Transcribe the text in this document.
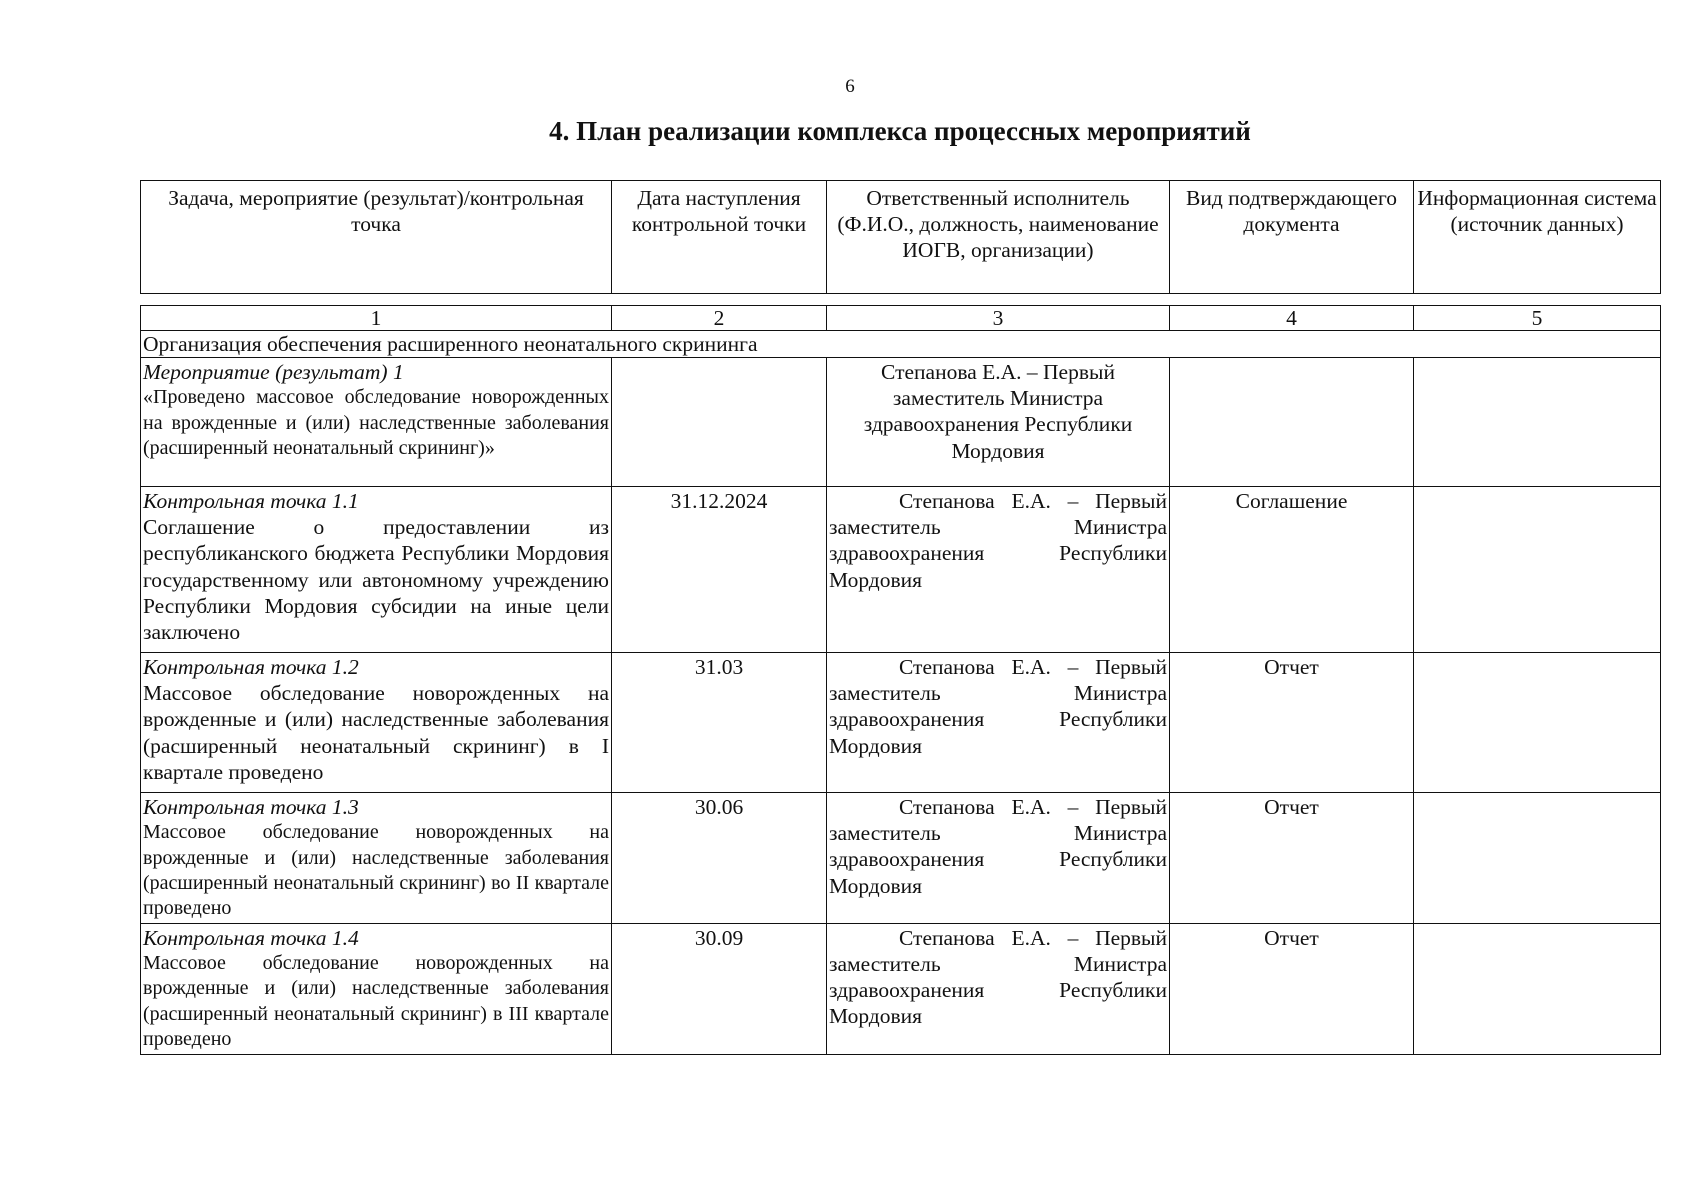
6
4. План реализации комплекса процессных мероприятий
Задача, мероприятие (результат)/контрольная точка	Дата наступления контрольной точки	Ответственный исполнитель (Ф.И.О., должность, наименование ИОГВ, организации)	Вид подтверждающего документа	Информационная система (источник данных)
1	2	3	4	5
Организация обеспечения расширенного неонатального скрининга				

Мероприятие (результат) 1
«Проведено массовое обследование новорожденных на врожденные и (или) наследственные заболевания (расширенный неонатальный скрининг)»		Степанова Е.А. – Первый заместитель Министра здравоохранения Республики Мордовия		

Контрольная точка 1.1
Соглашение о предоставлении из республиканского бюджета Республики Мордовия государственному или автономному учреждению Республики Мордовия субсидии на иные цели заключено	31.12.2024	Степанова Е.А. – Первый заместитель Министра здравоохранения Республики Мордовия	Соглашение	

Контрольная точка 1.2
Массовое обследование новорожденных на врожденные и (или) наследственные заболевания (расширенный неонатальный скрининг) в I квартале проведено	31.03	Степанова Е.А. – Первый заместитель Министра здравоохранения Республики Мордовия	Отчет	

Контрольная точка 1.3
Массовое обследование новорожденных на врожденные и (или) наследственные заболевания (расширенный неонатальный скрининг) во II квартале проведено	30.06	Степанова Е.А. – Первый заместитель Министра здравоохранения Республики Мордовия	Отчет	

Контрольная точка 1.4
Массовое обследование новорожденных на врожденные и (или) наследственные заболевания (расширенный неонатальный скрининг) в III квартале проведено	30.09	Степанова Е.А. – Первый заместитель Министра здравоохранения Республики Мордовия	Отчет	
